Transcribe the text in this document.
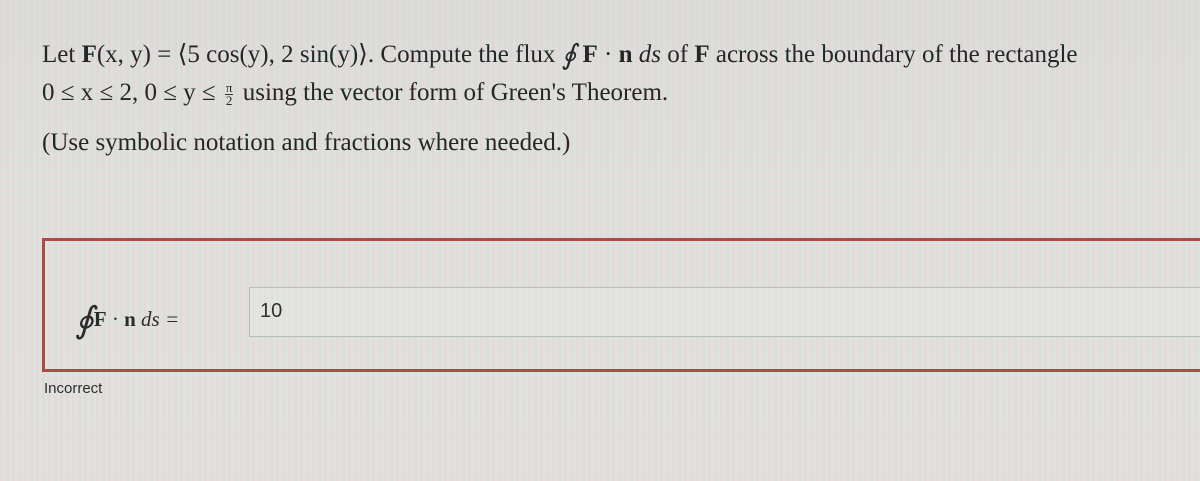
Let F(x, y) = ⟨5 cos(y), 2 sin(y)⟩. Compute the flux ∮ F · n ds of F across the boundary of the rectangle
0 ≤ x ≤ 2, $0 \le y \le \frac{\pi}{2}$ using the vector form of Green's Theorem.
(Use symbolic notation and fractions where needed.)
∮F · n ds =	10
Incorrect
